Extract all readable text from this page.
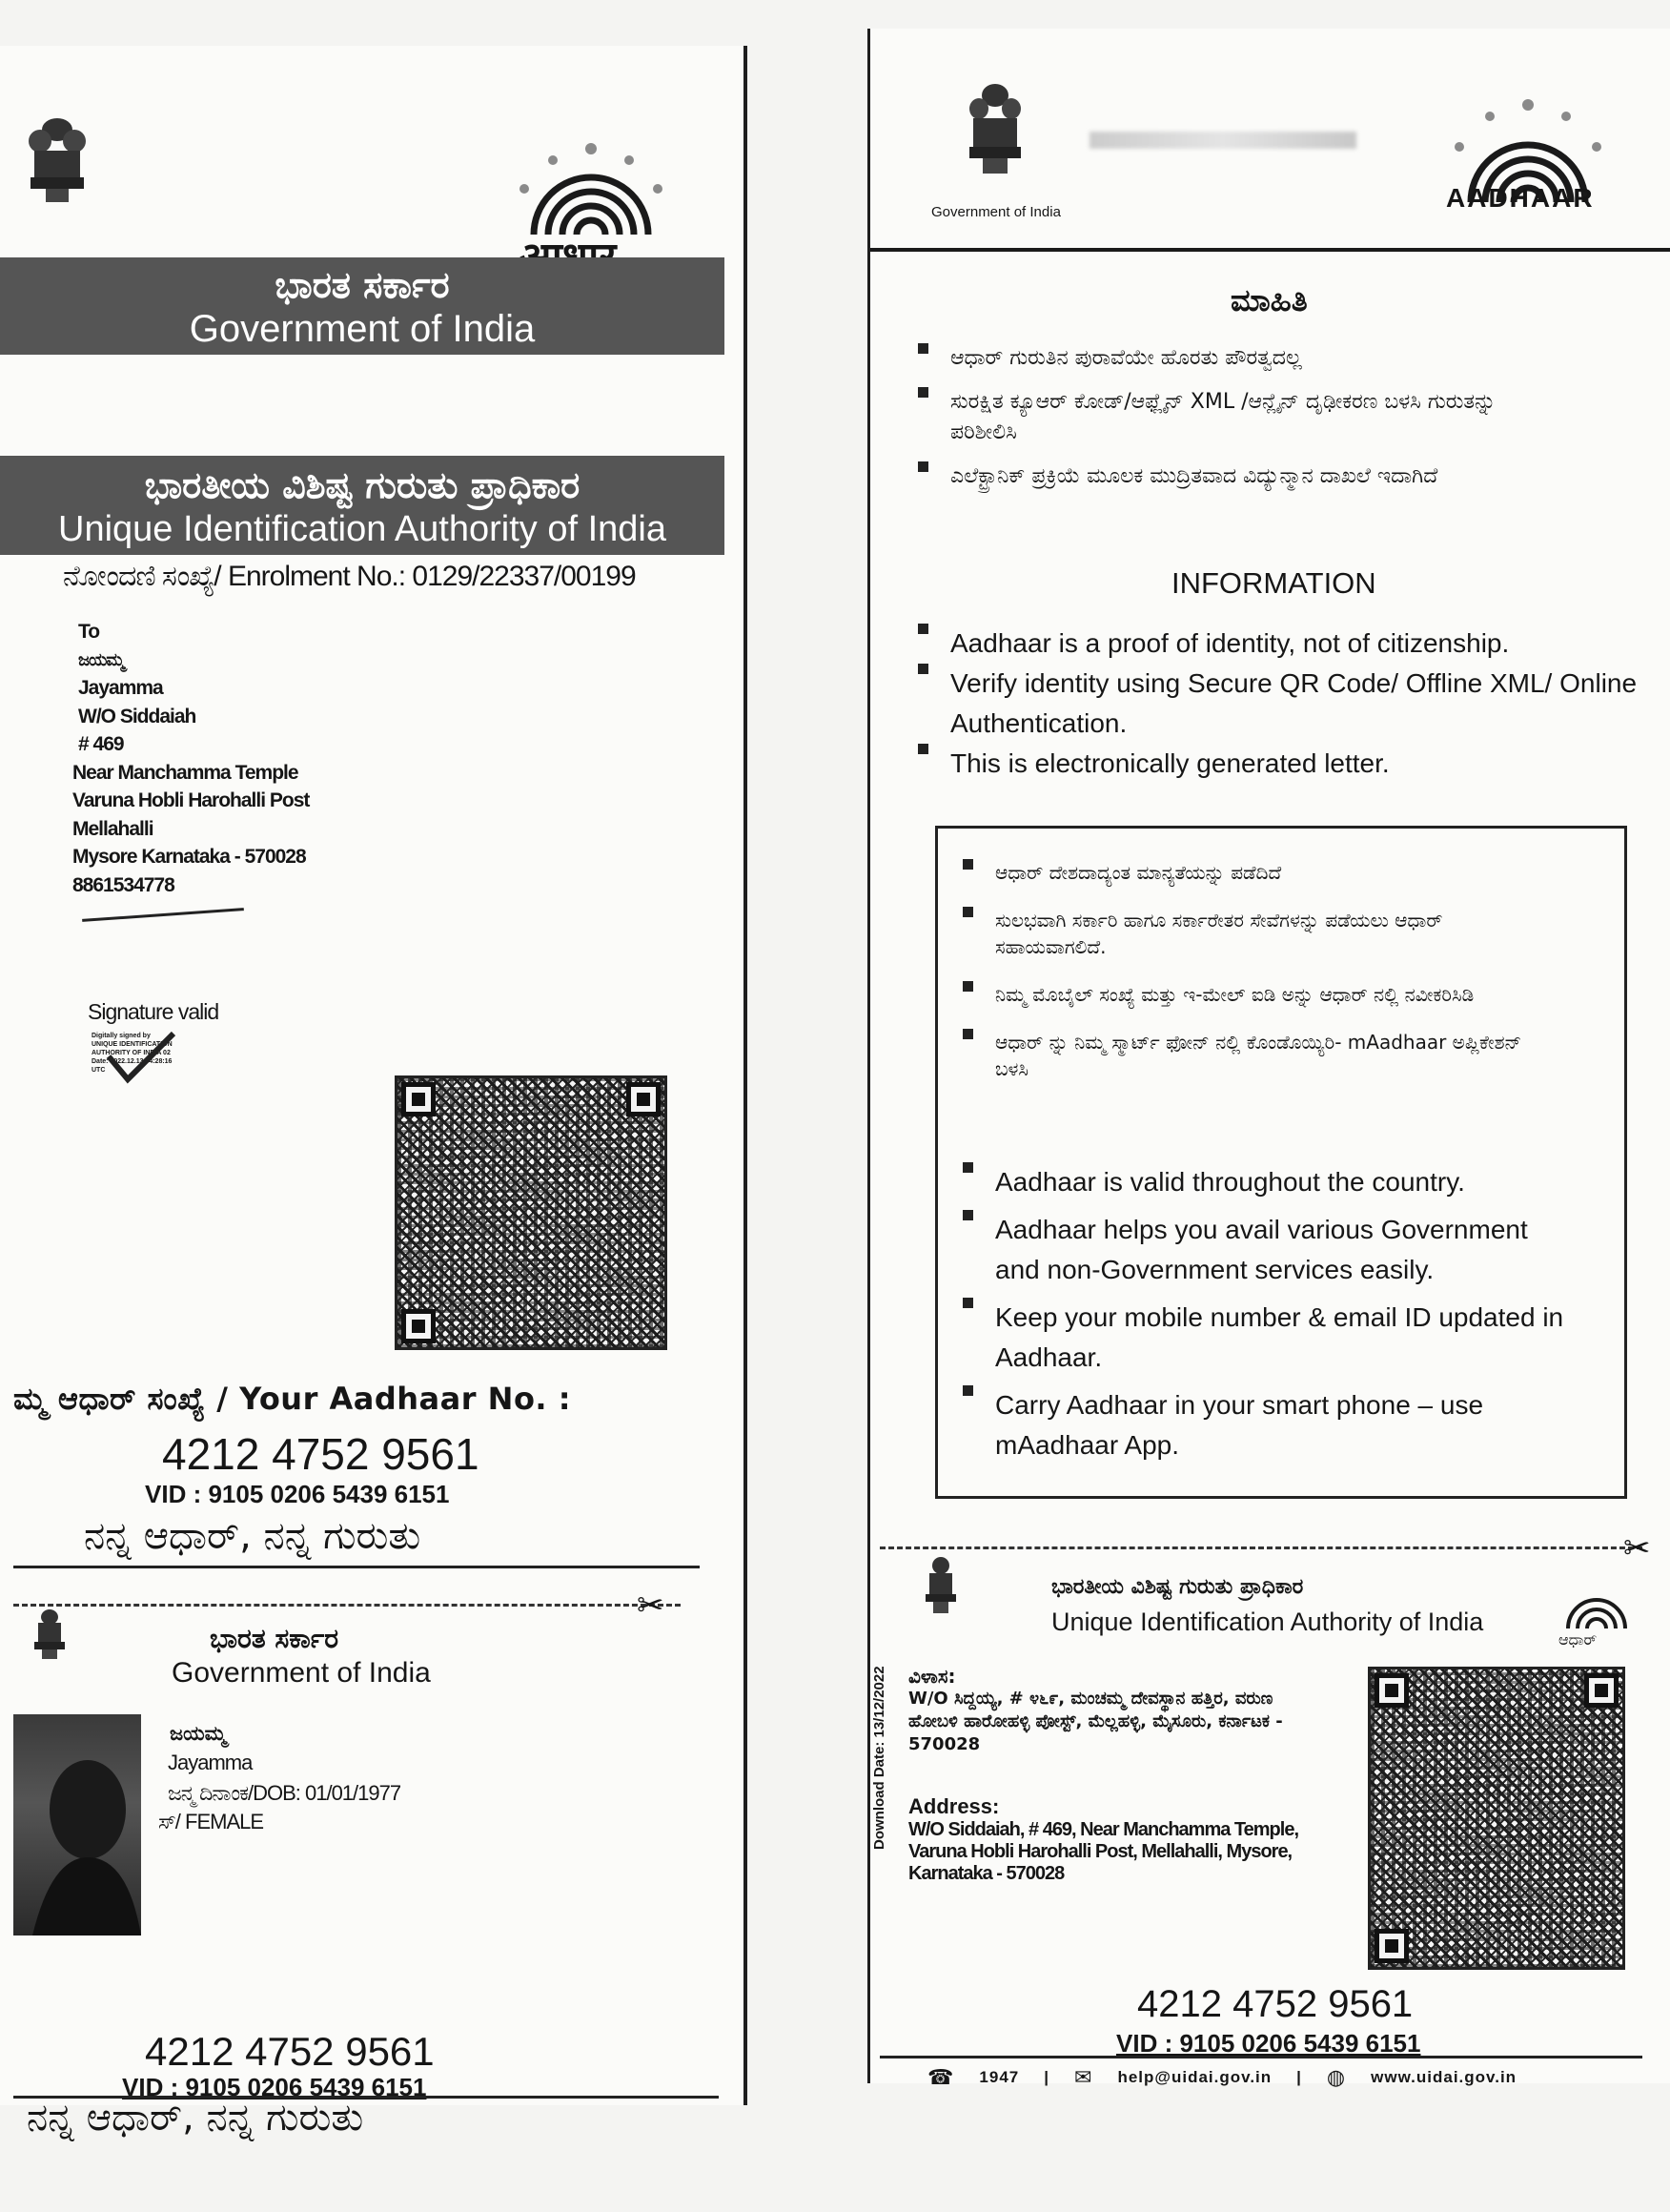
ಭಾರತ ಸರ್ಕಾರ
Government of India
ಭಾರತೀಯ ವಿಶಿಷ್ಟ ಗುರುತು ಪ್ರಾಧಿಕಾರ
Unique Identification Authority of India
ನೋಂದಣಿ ಸಂಖ್ಯೆ/ Enrolment No.: 0129/22337/00199
To
ಜಯಮ್ಮ
Jayamma
W/O Siddaiah
# 469
Near Manchamma Temple
Varuna Hobli Harohalli Post
Mellahalli
Mysore Karnataka - 570028
8861534778
Signature valid
Digitally signed by
UNIQUE IDENTIFICATION
AUTHORITY OF INDIA 02
Date: 2022.12.13 04:28:16
UTC
ಮ್ಮ ಆಧಾರ್ ಸಂಖ್ಯೆ / Your Aadhaar No. :
4212 4752 9561
VID : 9105 0206 5439 6151
ನನ್ನ ಆಧಾರ್, ನನ್ನ ಗುರುತು
✂
ಭಾರತ ಸರ್ಕಾರ
Government of India
ಜಯಮ್ಮ
Jayamma
ಜನ್ಮ ದಿನಾಂಕ/DOB: 01/01/1977
ಸ್/ FEMALE
4212 4752 9561
VID : 9105 0206 5439 6151
ನನ್ನ ಆಧಾರ್, ನನ್ನ ಗುರುತು
Government of India	AADHAAR
ಮಾಹಿತಿ
ಆಧಾರ್ ಗುರುತಿನ ಪುರಾವೆಯೇ ಹೊರತು ಪೌರತ್ವದಲ್ಲ
ಸುರಕ್ಷಿತ ಕ್ಯೂಆರ್ ಕೋಡ್/ಆಫ್ಲೈನ್ XML /ಆನ್ಲೈನ್ ದೃಢೀಕರಣ ಬಳಸಿ ಗುರುತನ್ನು ಪರಿಶೀಲಿಸಿ
ಎಲೆಕ್ಟ್ರಾನಿಕ್ ಪ್ರಕ್ರಿಯೆ ಮೂಲಕ ಮುದ್ರಿತವಾದ ವಿದ್ಯುನ್ಮಾನ ದಾಖಲೆ ಇದಾಗಿದೆ
INFORMATION
Aadhaar is a proof of identity, not of citizenship.
Verify identity using Secure QR Code/ Offline XML/ Online Authentication.
This is electronically generated letter.
ಆಧಾರ್ ದೇಶದಾದ್ಯಂತ ಮಾನ್ಯತೆಯನ್ನು ಪಡೆದಿದೆ
ಸುಲಭವಾಗಿ ಸರ್ಕಾರಿ ಹಾಗೂ ಸರ್ಕಾರೇತರ ಸೇವೆಗಳನ್ನು ಪಡೆಯಲು ಆಧಾರ್ ಸಹಾಯವಾಗಲಿದೆ.
ನಿಮ್ಮ ಮೊಬೈಲ್ ಸಂಖ್ಯೆ ಮತ್ತು ಇ-ಮೇಲ್ ಐಡಿ ಅನ್ನು ಆಧಾರ್ ನಲ್ಲಿ ನವೀಕರಿಸಿಡಿ
ಆಧಾರ್ ನ್ನು ನಿಮ್ಮ ಸ್ಮಾರ್ಟ್ ಫೋನ್ ನಲ್ಲಿ ಕೊಂಡೊಯ್ಯಿರಿ- mAadhaar ಅಪ್ಲಿಕೇಶನ್ ಬಳಸಿ
Aadhaar is valid throughout the country.
Aadhaar helps you avail various Government and non-Government services easily.
Keep your mobile number & email ID updated in Aadhaar.
Carry Aadhaar in your smart phone – use mAadhaar App.
✂
ಭಾರತೀಯ ವಿಶಿಷ್ಟ ಗುರುತು ಪ್ರಾಧಿಕಾರ
Unique Identification Authority of India
ಆಧಾರ್
ವಿಳಾಸ:
W/O ಸಿದ್ದಯ್ಯ, # ೪೬೯, ಮಂಚಮ್ಮ ದೇವಸ್ಥಾನ ಹತ್ತಿರ, ವರುಣ ಹೋಬಳಿ ಹಾರೋಹಳ್ಳಿ ಪೋಸ್ಟ್, ಮೆಲ್ಲಹಳ್ಳಿ, ಮೈಸೂರು, ಕರ್ನಾಟಕ - 570028
Address:
W/O Siddaiah, # 469, Near Manchamma Temple, Varuna Hobli Harohalli Post, Mellahalli, Mysore, Karnataka - 570028
Download Date: 13/12/2022
4212 4752 9561
VID : 9105 0206 5439 6151
☎ 1947 | ✉ help@uidai.gov.in | ◍ www.uidai.gov.in
